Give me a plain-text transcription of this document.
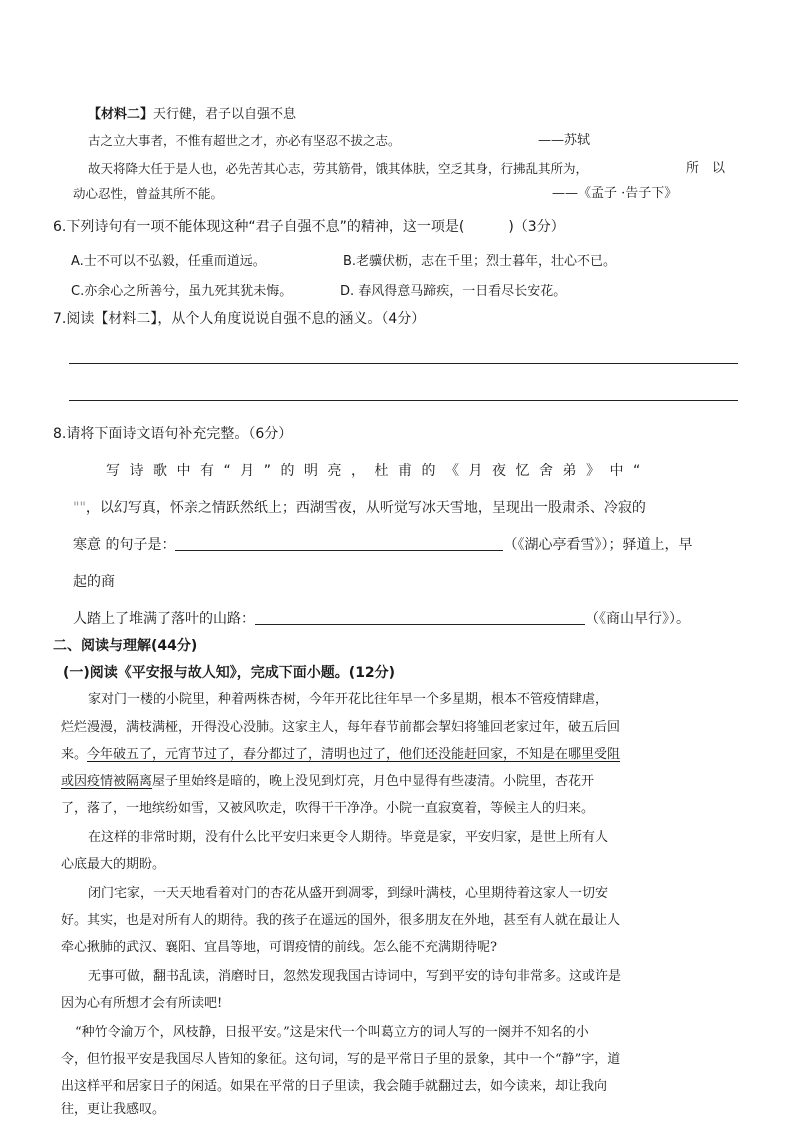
【材料二】天行健，君子以自强不息
古之立大事者，不惟有超世之才，亦必有坚忍不拔之志。	——苏轼
故天将降大任于是人也，必先苦其心志，劳其筋骨，饿其体肤，空乏其身，行拂乱其所为，	所　以
动心忍性，曾益其所不能。	——《孟子 ·告子下》
6.下列诗句有一项不能体现这种“君子自强不息”的精神，这一项是(	)（3分）
A.士不可以不弘毅，任重而道远。	B.老骥伏枥，志在千里；烈士暮年，壮心不已。
C.亦余心之所善兮，虽九死其犹未悔。	D. 春风得意马蹄疾，一日看尽长安花。
7.阅读【材料二】，从个人角度说说自强不息的涵义。（4分）
8.请将下面诗文语句补充完整。（6分）
写诗歌中有“月”的明亮，杜甫的《月夜忆舍弟》中“
""，以幻写真，怀亲之情跃然纸上；西湖雪夜，从听觉写冰天雪地，呈现出一股肃杀、冷寂的
寒意 的句子是：	（《湖心亭看雪》）；驿道上，早
起的商
人踏上了堆满了落叶的山路：	（《商山早行》）。
二、阅读与理解(44分)
(一)阅读《平安报与故人知》，完成下面小题。(12分)
家对门一楼的小院里，种着两株杏树，今年开花比往年早一个多星期，根本不管疫情肆虐，
烂烂漫漫，满枝满桠，开得没心没肺。这家主人，每年春节前都会挈妇将雏回老家过年，破五后回
来。今年破五了，元宵节过了，春分都过了，清明也过了，他们还没能赶回家，不知是在哪里受阻
或因疫情被隔离屋子里始终是暗的，晚上没见到灯亮，月色中显得有些凄清。小院里，杏花开
了，落了，一地缤纷如雪，又被风吹走，吹得干干净净。小院一直寂寞着，等候主人的归来。
在这样的非常时期，没有什么比平安归来更令人期待。毕竟是家，平安归家，是世上所有人
心底最大的期盼。
闭门宅家，一天天地看着对门的杏花从盛开到凋零，到绿叶满枝，心里期待着这家人一切安
好。其实，也是对所有人的期待。我的孩子在遥远的国外，很多朋友在外地，甚至有人就在最让人
牵心揪肺的武汉、襄阳、宜昌等地，可谓疫情的前线。怎么能不充满期待呢?
无事可做，翻书乱读，消磨时日，忽然发现我国古诗词中，写到平安的诗句非常多。这或许是
因为心有所想才会有所读吧!
“种竹令渝万个，风枝静，日报平安。”这是宋代一个叫葛立方的词人写的一阕并不知名的小
令，但竹报平安是我国尽人皆知的象征。这句词，写的是平常日子里的景象，其中一个“静”字，道
出这样平和居家日子的闲适。如果在平常的日子里读，我会随手就翻过去，如今读来，却让我向
往，更让我感叹。
